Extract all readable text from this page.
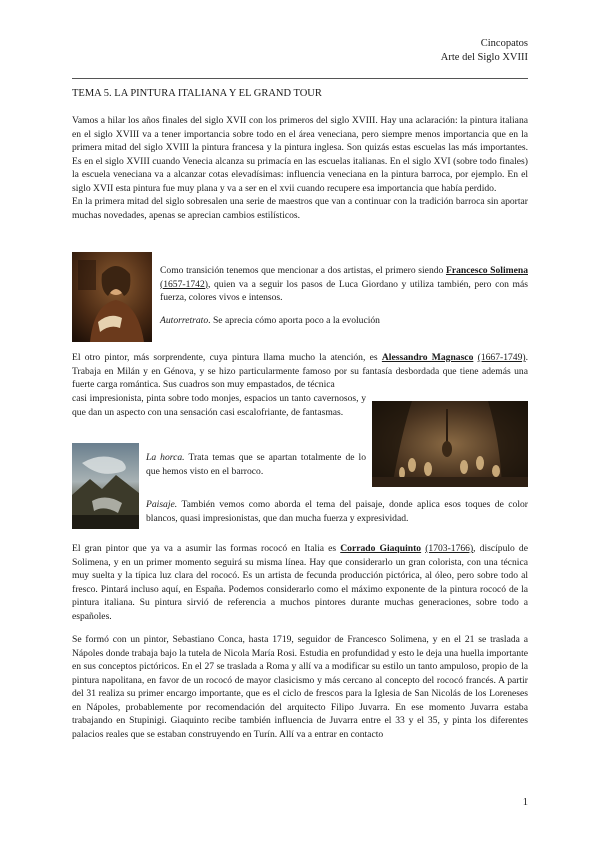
Cincopatos
Arte del Siglo XVIII
TEMA 5. LA PINTURA ITALIANA Y EL GRAND TOUR

Vamos a hilar los años finales del siglo XVII con los primeros del siglo XVIII. Hay una aclaración: la pintura italiana en el siglo XVIII va a tener importancia sobre todo en el área veneciana, pero siempre menos importancia que en la primera mitad del siglo XVIII la pintura francesa y la pintura inglesa. Son quizás estas escuelas las más importantes. Es en el siglo XVIII cuando Venecia alcanza su primacía en las escuelas italianas. En el siglo XVI (sobre todo finales) la escuela veneciana va a alcanzar cotas elevadísimas: influencia veneciana en la pintura barroca, por ejemplo. En el siglo XVII esta pintura fue muy plana y va a ser en el xvii cuando recupere esa importancia que había perdido.

En la primera mitad del siglo sobresalen una serie de maestros que van a continuar con la tradición barroca sin aportar muchas novedades, apenas se aprecian cambios estilísticos.

Como transición tenemos que mencionar a dos artistas, el primero siendo Francesco Solimena (1657-1742), quien va a seguir los pasos de Luca Giordano y utiliza también, pero con más fuerza, colores vivos e intensos.

Autorretrato. Se aprecia cómo aporta poco a la evolución

El otro pintor, más sorprendente, cuya pintura llama mucho la atención, es Alessandro Magnasco (1667-1749). Trabaja en Milán y en Génova, y se hizo particularmente famoso por su fantasía desbordada que tiene además una fuerte carga romántica. Sus cuadros son muy empastados, de técnica

casi impresionista, pinta sobre todo monjes, espacios un tanto cavernosos, y que dan un aspecto con una sensación casi escalofriante, de fantasmas.

La horca. Trata temas que se apartan totalmente de lo que hemos visto en el barroco.

Paisaje. También vemos como aborda el tema del paisaje, donde aplica esos toques de color blancos, quasi impresionistas, que dan mucha fuerza y expresividad.

El gran pintor que ya va a asumir las formas rococó en Italia es Corrado Giaquinto (1703-1766), discípulo de Solimena, y en un primer momento seguirá su misma línea. Hay que considerarlo un gran colorista, con una técnica muy suelta y la típica luz clara del rococó. Es un artista de fecunda producción pictórica, al óleo, pero sobre todo al fresco. Pintará incluso aquí, en España. Podemos considerarlo como el máximo exponente de la pintura rococó de la pintura italiana. Su pintura sirvió de referencia a muchos pintores durante muchas generaciones, sobre todo a españoles.

Se formó con un pintor, Sebastiano Conca, hasta 1719, seguidor de Francesco Solimena, y en el 21 se traslada a Nápoles donde trabaja bajo la tutela de Nicola María Rosi. Estudia en profundidad y esto le deja una huella importante en sus conceptos pictóricos. En el 27 se traslada a Roma y allí va a modificar su estilo un tanto ampuloso, propio de la pintura napolitana, en favor de un rococó de mayor clasicismo y más cercano al concepto del rococó francés. A partir del 31 realiza su primer encargo importante, que es el ciclo de frescos para la Iglesia de San Nicolás de los Loreneses en Nápoles, probablemente por recomendación del arquitecto Filipo Juvarra. En ese momento Juvarra estaba trabajando en Stupinigi. Giaquinto recibe también influencia de Juvarra entre el 33 y el 35, y pinta los diferentes palacios reales que se estaban construyendo en Turín. Allí va a entrar en contacto

1
